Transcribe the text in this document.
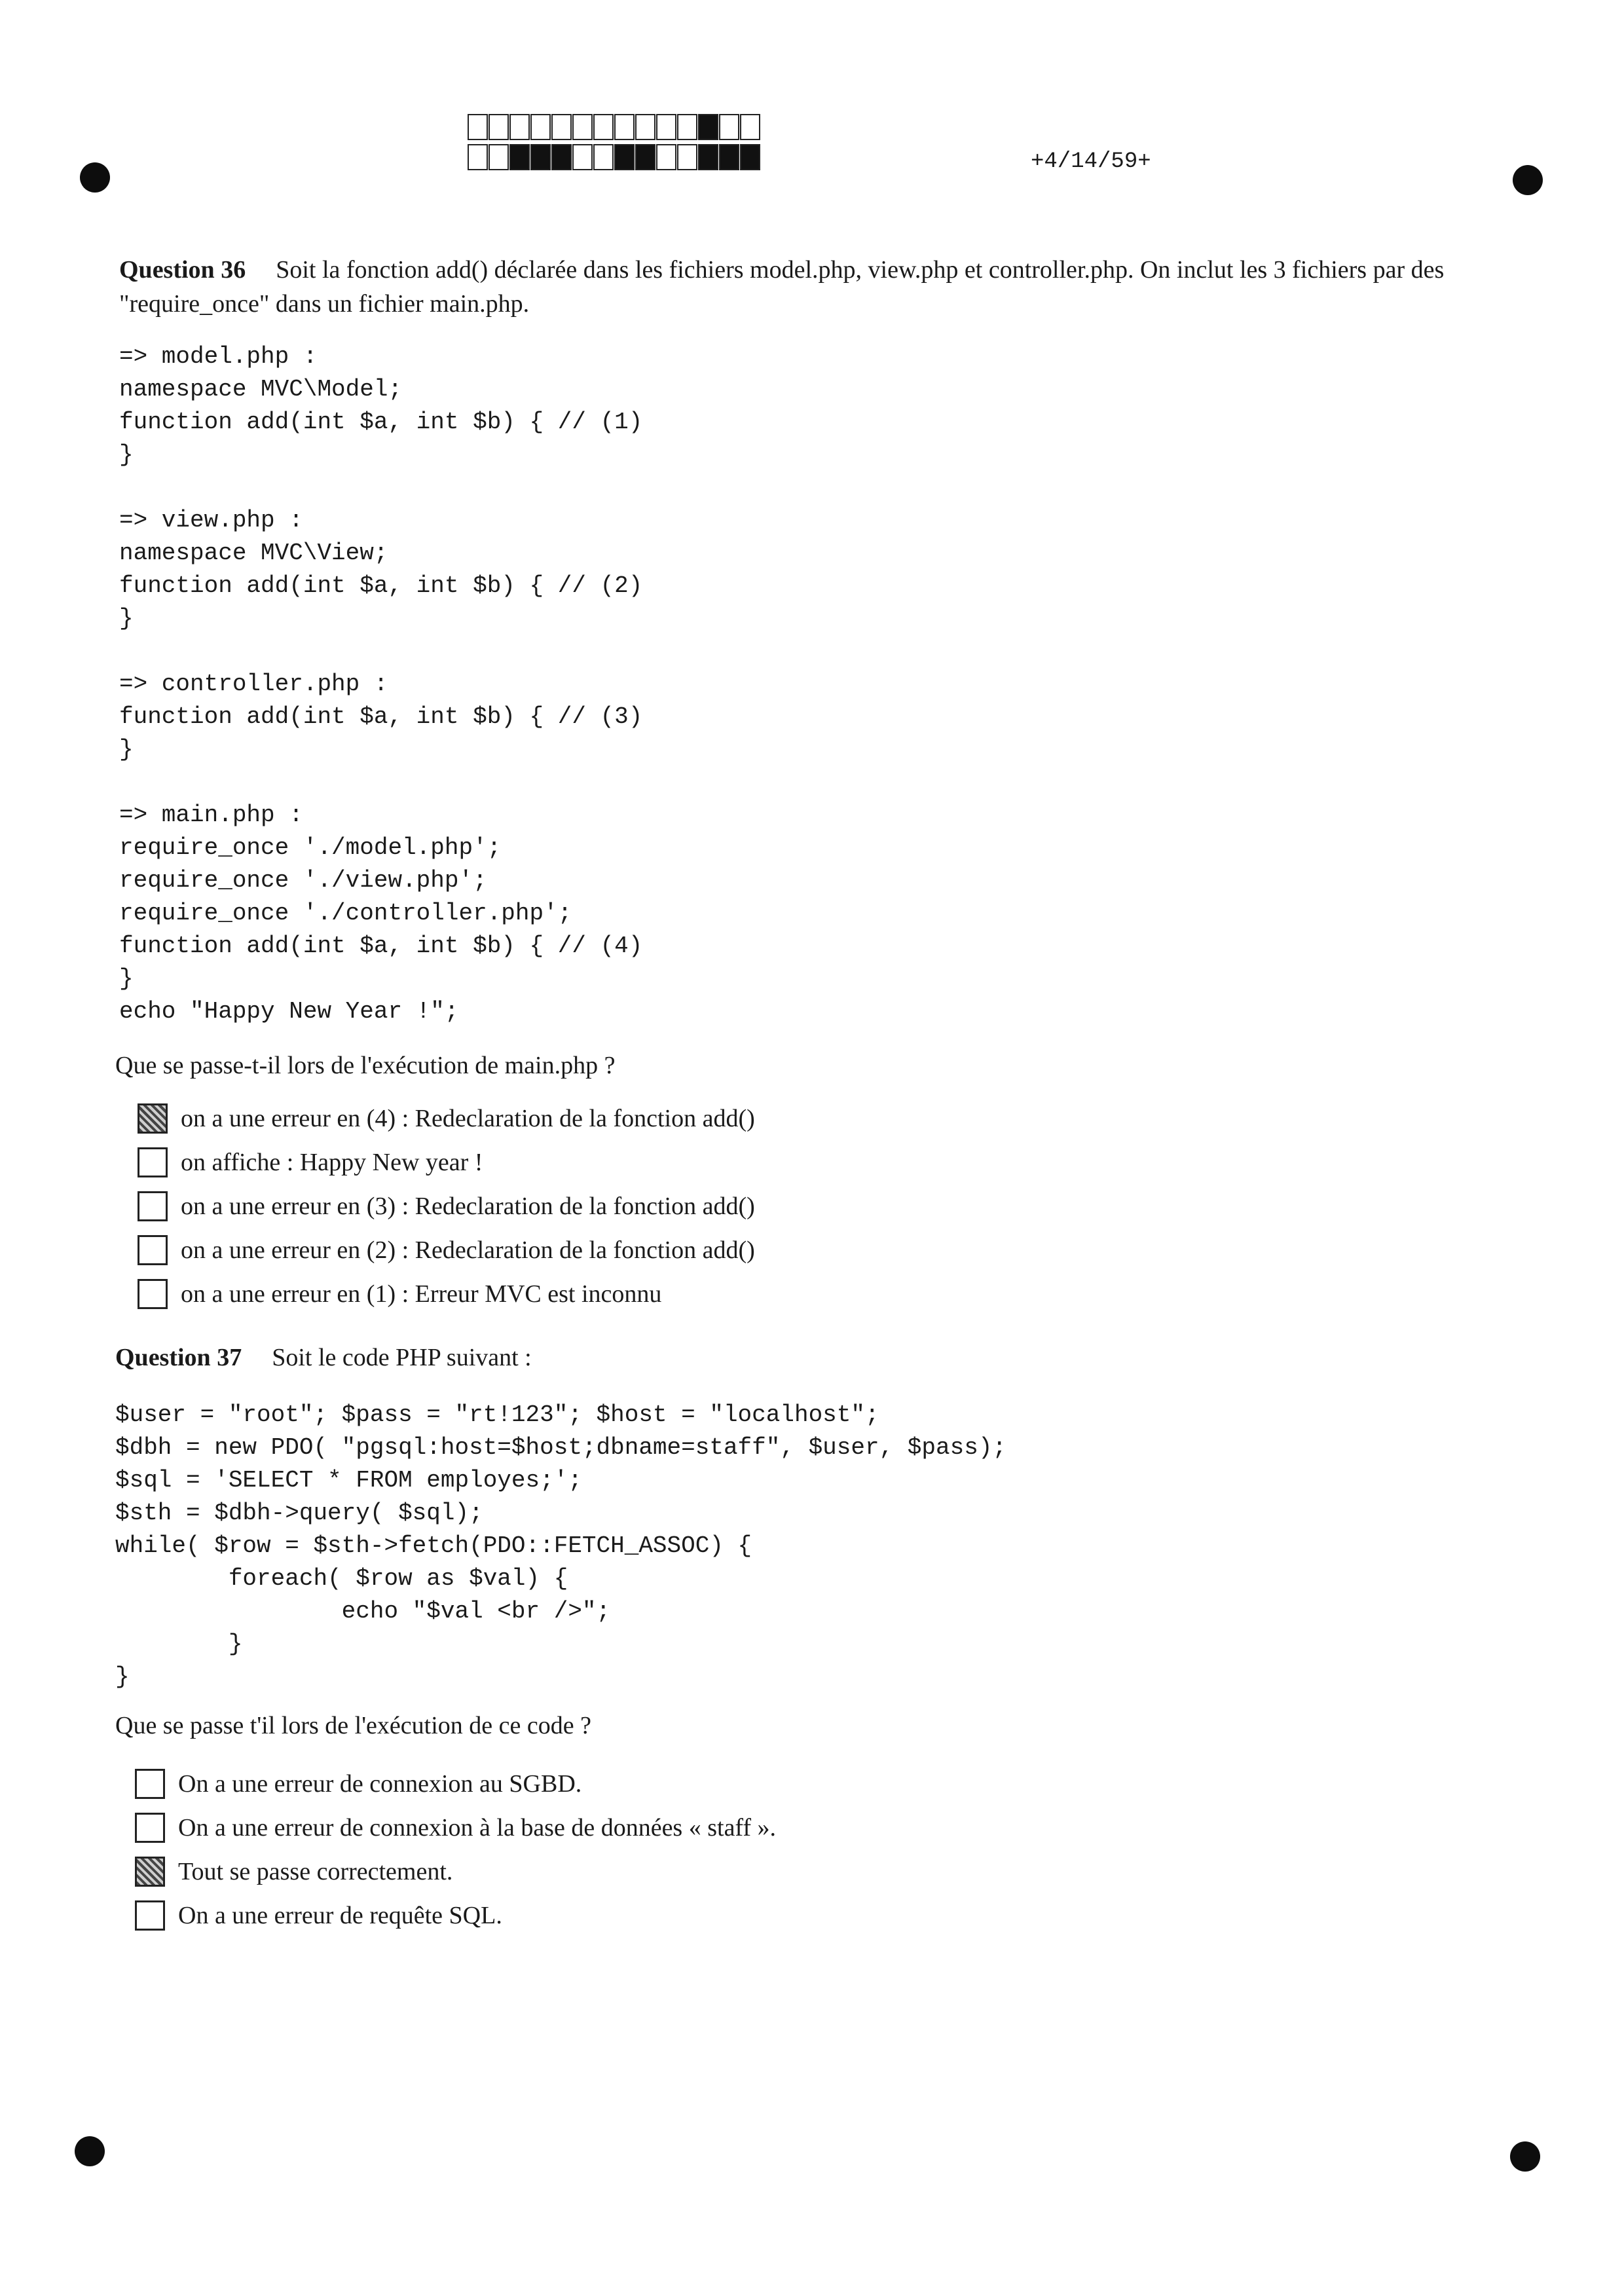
+4/14/59+
Question 36 Soit la fonction add() déclarée dans les fichiers model.php, view.php et controller.php. On inclut les 3 fichiers par des "require_once" dans un fichier main.php.
=> model.php :
namespace MVC\Model;
function add(int $a, int $b) { // (1)
}

=> view.php :
namespace MVC\View;
function add(int $a, int $b) { // (2)
}

=> controller.php :
function add(int $a, int $b) { // (3)
}

=> main.php :
require_once './model.php';
require_once './view.php';
require_once './controller.php';
function add(int $a, int $b) { // (4)
}
echo "Happy New Year !";
Que se passe-t-il lors de l'exécution de main.php ?
on a une erreur en (4) : Redeclaration de la fonction add()
on affiche : Happy New year !
on a une erreur en (3) : Redeclaration de la fonction add()
on a une erreur en (2) : Redeclaration de la fonction add()
on a une erreur en (1) : Erreur MVC est inconnu
Question 37 Soit le code PHP suivant :
$user = "root"; $pass = "rt!123"; $host = "localhost";
$dbh = new PDO( "pgsql:host=$host;dbname=staff", $user, $pass);
$sql = 'SELECT * FROM employes;';
$sth = $dbh->query( $sql);
while( $row = $sth->fetch(PDO::FETCH_ASSOC) {
foreach( $row as $val) {
echo "$val <br />";
}
}
Que se passe t'il lors de l'exécution de ce code ?
On a une erreur de connexion au SGBD.
On a une erreur de connexion à la base de données « staff ».
Tout se passe correctement.
On a une erreur de requête SQL.
